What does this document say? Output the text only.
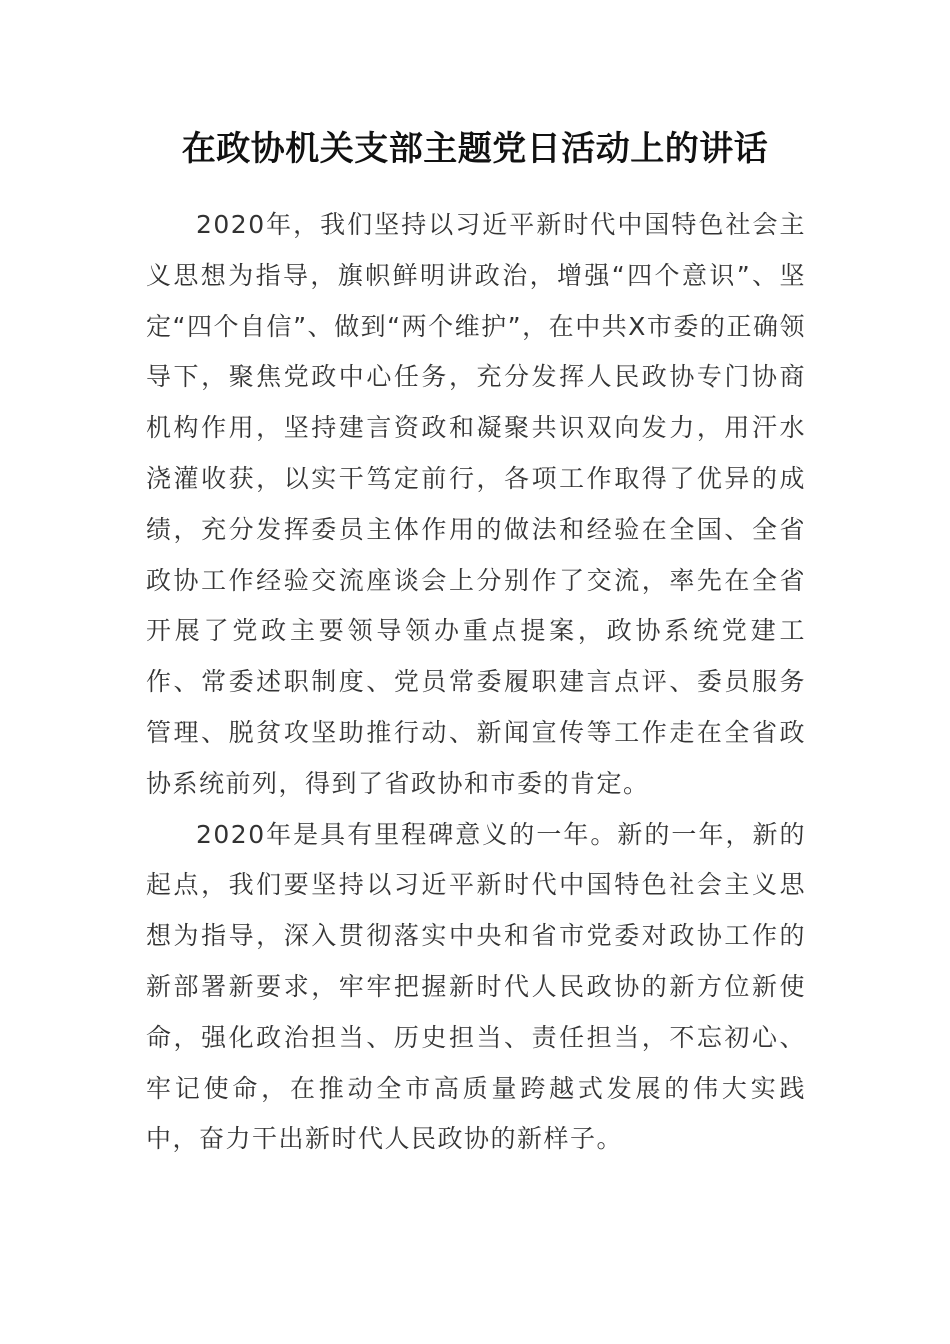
在政协机关支部主题党日活动上的讲话

2020年，我们坚持以习近平新时代中国特色社会主义思想为指导，旗帜鲜明讲政治，增强“四个意识”、坚定“四个自信”、做到“两个维护”，在中共X市委的正确领导下，聚焦党政中心任务，充分发挥人民政协专门协商机构作用，坚持建言资政和凝聚共识双向发力，用汗水浇灌收获，以实干笃定前行，各项工作取得了优异的成绩，充分发挥委员主体作用的做法和经验在全国、全省政协工作经验交流座谈会上分别作了交流，率先在全省开展了党政主要领导领办重点提案，政协系统党建工作、常委述职制度、党员常委履职建言点评、委员服务管理、脱贫攻坚助推行动、新闻宣传等工作走在全省政协系统前列，得到了省政协和市委的肯定。

2020年是具有里程碑意义的一年。新的一年，新的起点，我们要坚持以习近平新时代中国特色社会主义思想为指导，深入贯彻落实中央和省市党委对政协工作的新部署新要求，牢牢把握新时代人民政协的新方位新使命，强化政治担当、历史担当、责任担当，不忘初心、牢记使命，在推动全市高质量跨越式发展的伟大实践中，奋力干出新时代人民政协的新样子。
